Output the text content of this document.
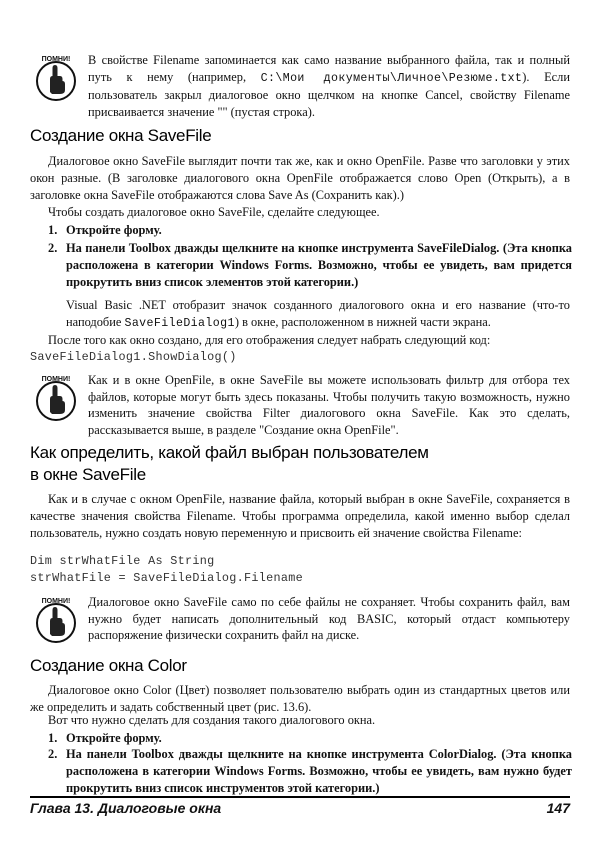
ПОМНИ! В свойстве Filename запоминается как само название выбранного файла, так и полный путь к нему (например, C:\Мои документы\Личное\Резюме.txt). Если пользователь закрыл диалоговое окно щелчком на кнопке Cancel, свойству Filename присваивается значение "" (пустая строка).
Создание окна SaveFile
Диалоговое окно SaveFile выглядит почти так же, как и окно OpenFile. Разве что заголовки у этих окон разные. (В заголовке диалогового окна OpenFile отображается слово Open (Открыть), а в заголовке окна SaveFile отображаются слова Save As (Сохранить как).)
Чтобы создать диалоговое окно SaveFile, сделайте следующее.
1. Откройте форму.
2. На панели Toolbox дважды щелкните на кнопке инструмента SaveFileDialog. (Эта кнопка расположена в категории Windows Forms. Возможно, чтобы ее увидеть, вам придется прокрутить вниз список элементов этой категории.)
Visual Basic .NET отобразит значок созданного диалогового окна и его название (что-то наподобие SaveFileDialog1) в окне, расположенном в нижней части экрана.
После того как окно создано, для его отображения следует набрать следующий код:
SaveFileDialog1.ShowDialog()
ПОМНИ! Как и в окне OpenFile, в окне SaveFile вы можете использовать фильтр для отбора тех файлов, которые могут быть здесь показаны. Чтобы получить такую возможность, нужно изменить значение свойства Filter диалогового окна SaveFile. Как это сделать, рассказывается выше, в разделе "Создание окна OpenFile".
Как определить, какой файл выбран пользователем
в окне SaveFile
Как и в случае с окном OpenFile, название файла, который выбран в окне SaveFile, сохраняется в качестве значения свойства Filename. Чтобы программа определила, какой именно выбор сделал пользователь, нужно создать новую переменную и присвоить ей значение свойства Filename:
Dim strWhatFile As String
strWhatFile = SaveFileDialog.Filename
ПОМНИ! Диалоговое окно SaveFile само по себе файлы не сохраняет. Чтобы сохранить файл, вам нужно будет написать дополнительный код BASIC, который отдаст компьютеру распоряжение физически сохранить файл на диске.
Создание окна Color
Диалоговое окно Color (Цвет) позволяет пользователю выбрать один из стандартных цветов или же определить и задать собственный цвет (рис. 13.6).
Вот что нужно сделать для создания такого диалогового окна.
1. Откройте форму.
2. На панели Toolbox дважды щелкните на кнопке инструмента ColorDialog. (Эта кнопка расположена в категории Windows Forms. Возможно, чтобы ее увидеть, вам нужно будет прокрутить вниз список инструментов этой категории.)
Глава 13. Диалоговые окна	147
